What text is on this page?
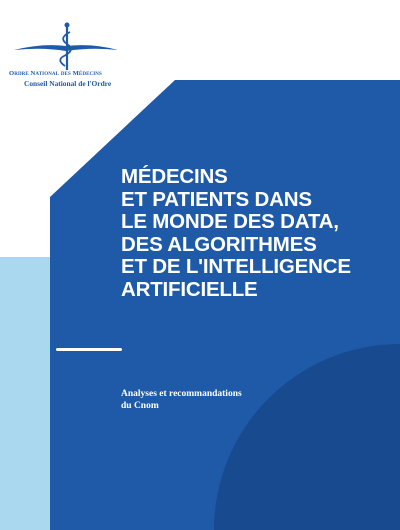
Ordre National des Médecins
Conseil National de l'Ordre
MÉDECINS
ET PATIENTS DANS
LE MONDE DES DATA,
DES ALGORITHMES
ET DE L'INTELLIGENCE
ARTIFICIELLE
Analyses et recommandations
du Cnom
